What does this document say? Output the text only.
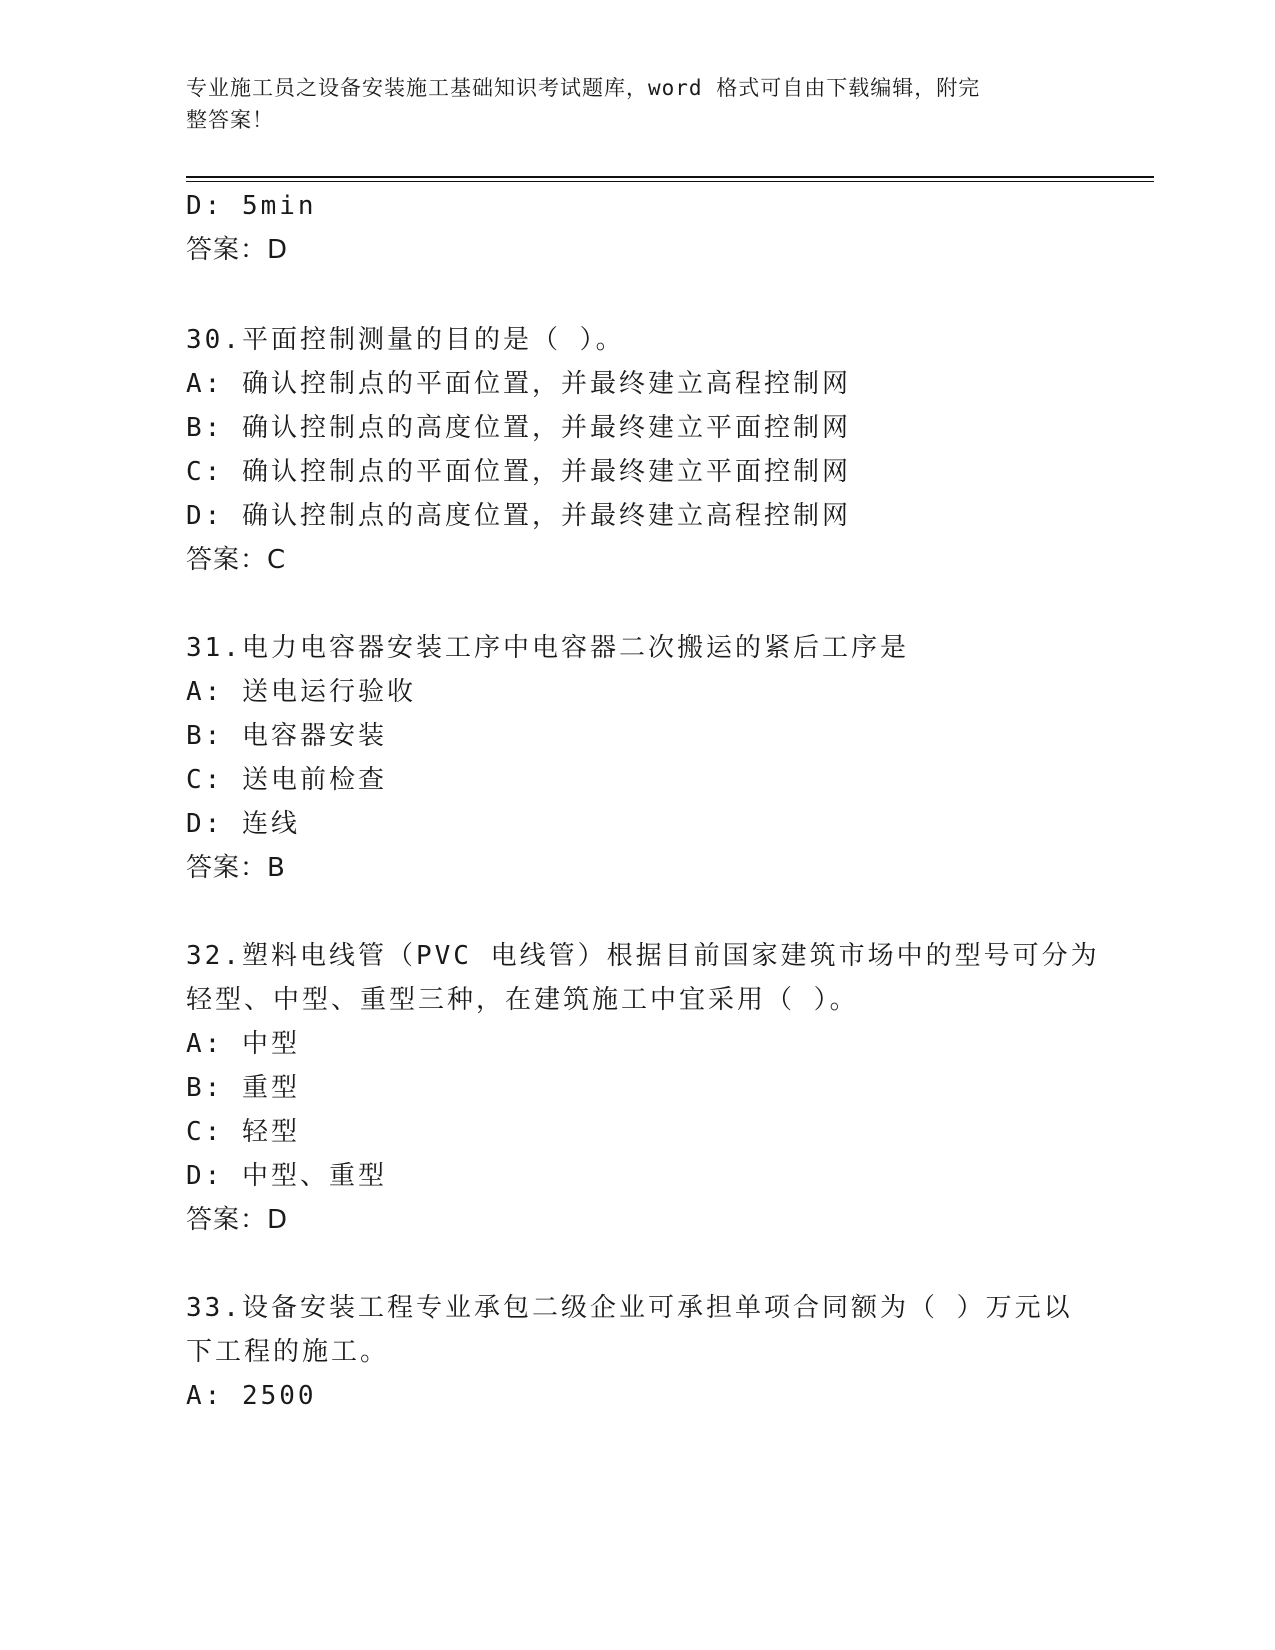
专业施工员之设备安装施工基础知识考试题库，word 格式可自由下载编辑，附完
整答案！
D: 5min
答案：D
30.平面控制测量的目的是（ ）。
A: 确认控制点的平面位置，并最终建立高程控制网
B: 确认控制点的高度位置，并最终建立平面控制网
C: 确认控制点的平面位置，并最终建立平面控制网
D: 确认控制点的高度位置，并最终建立高程控制网
答案：C
31.电力电容器安装工序中电容器二次搬运的紧后工序是
A: 送电运行验收
B: 电容器安装
C: 送电前检查
D: 连线
答案：B
32.塑料电线管（PVC 电线管）根据目前国家建筑市场中的型号可分为
轻型、中型、重型三种，在建筑施工中宜采用（ ）。
A: 中型
B: 重型
C: 轻型
D: 中型、重型
答案：D
33.设备安装工程专业承包二级企业可承担单项合同额为（ ）万元以
下工程的施工。
A: 2500
